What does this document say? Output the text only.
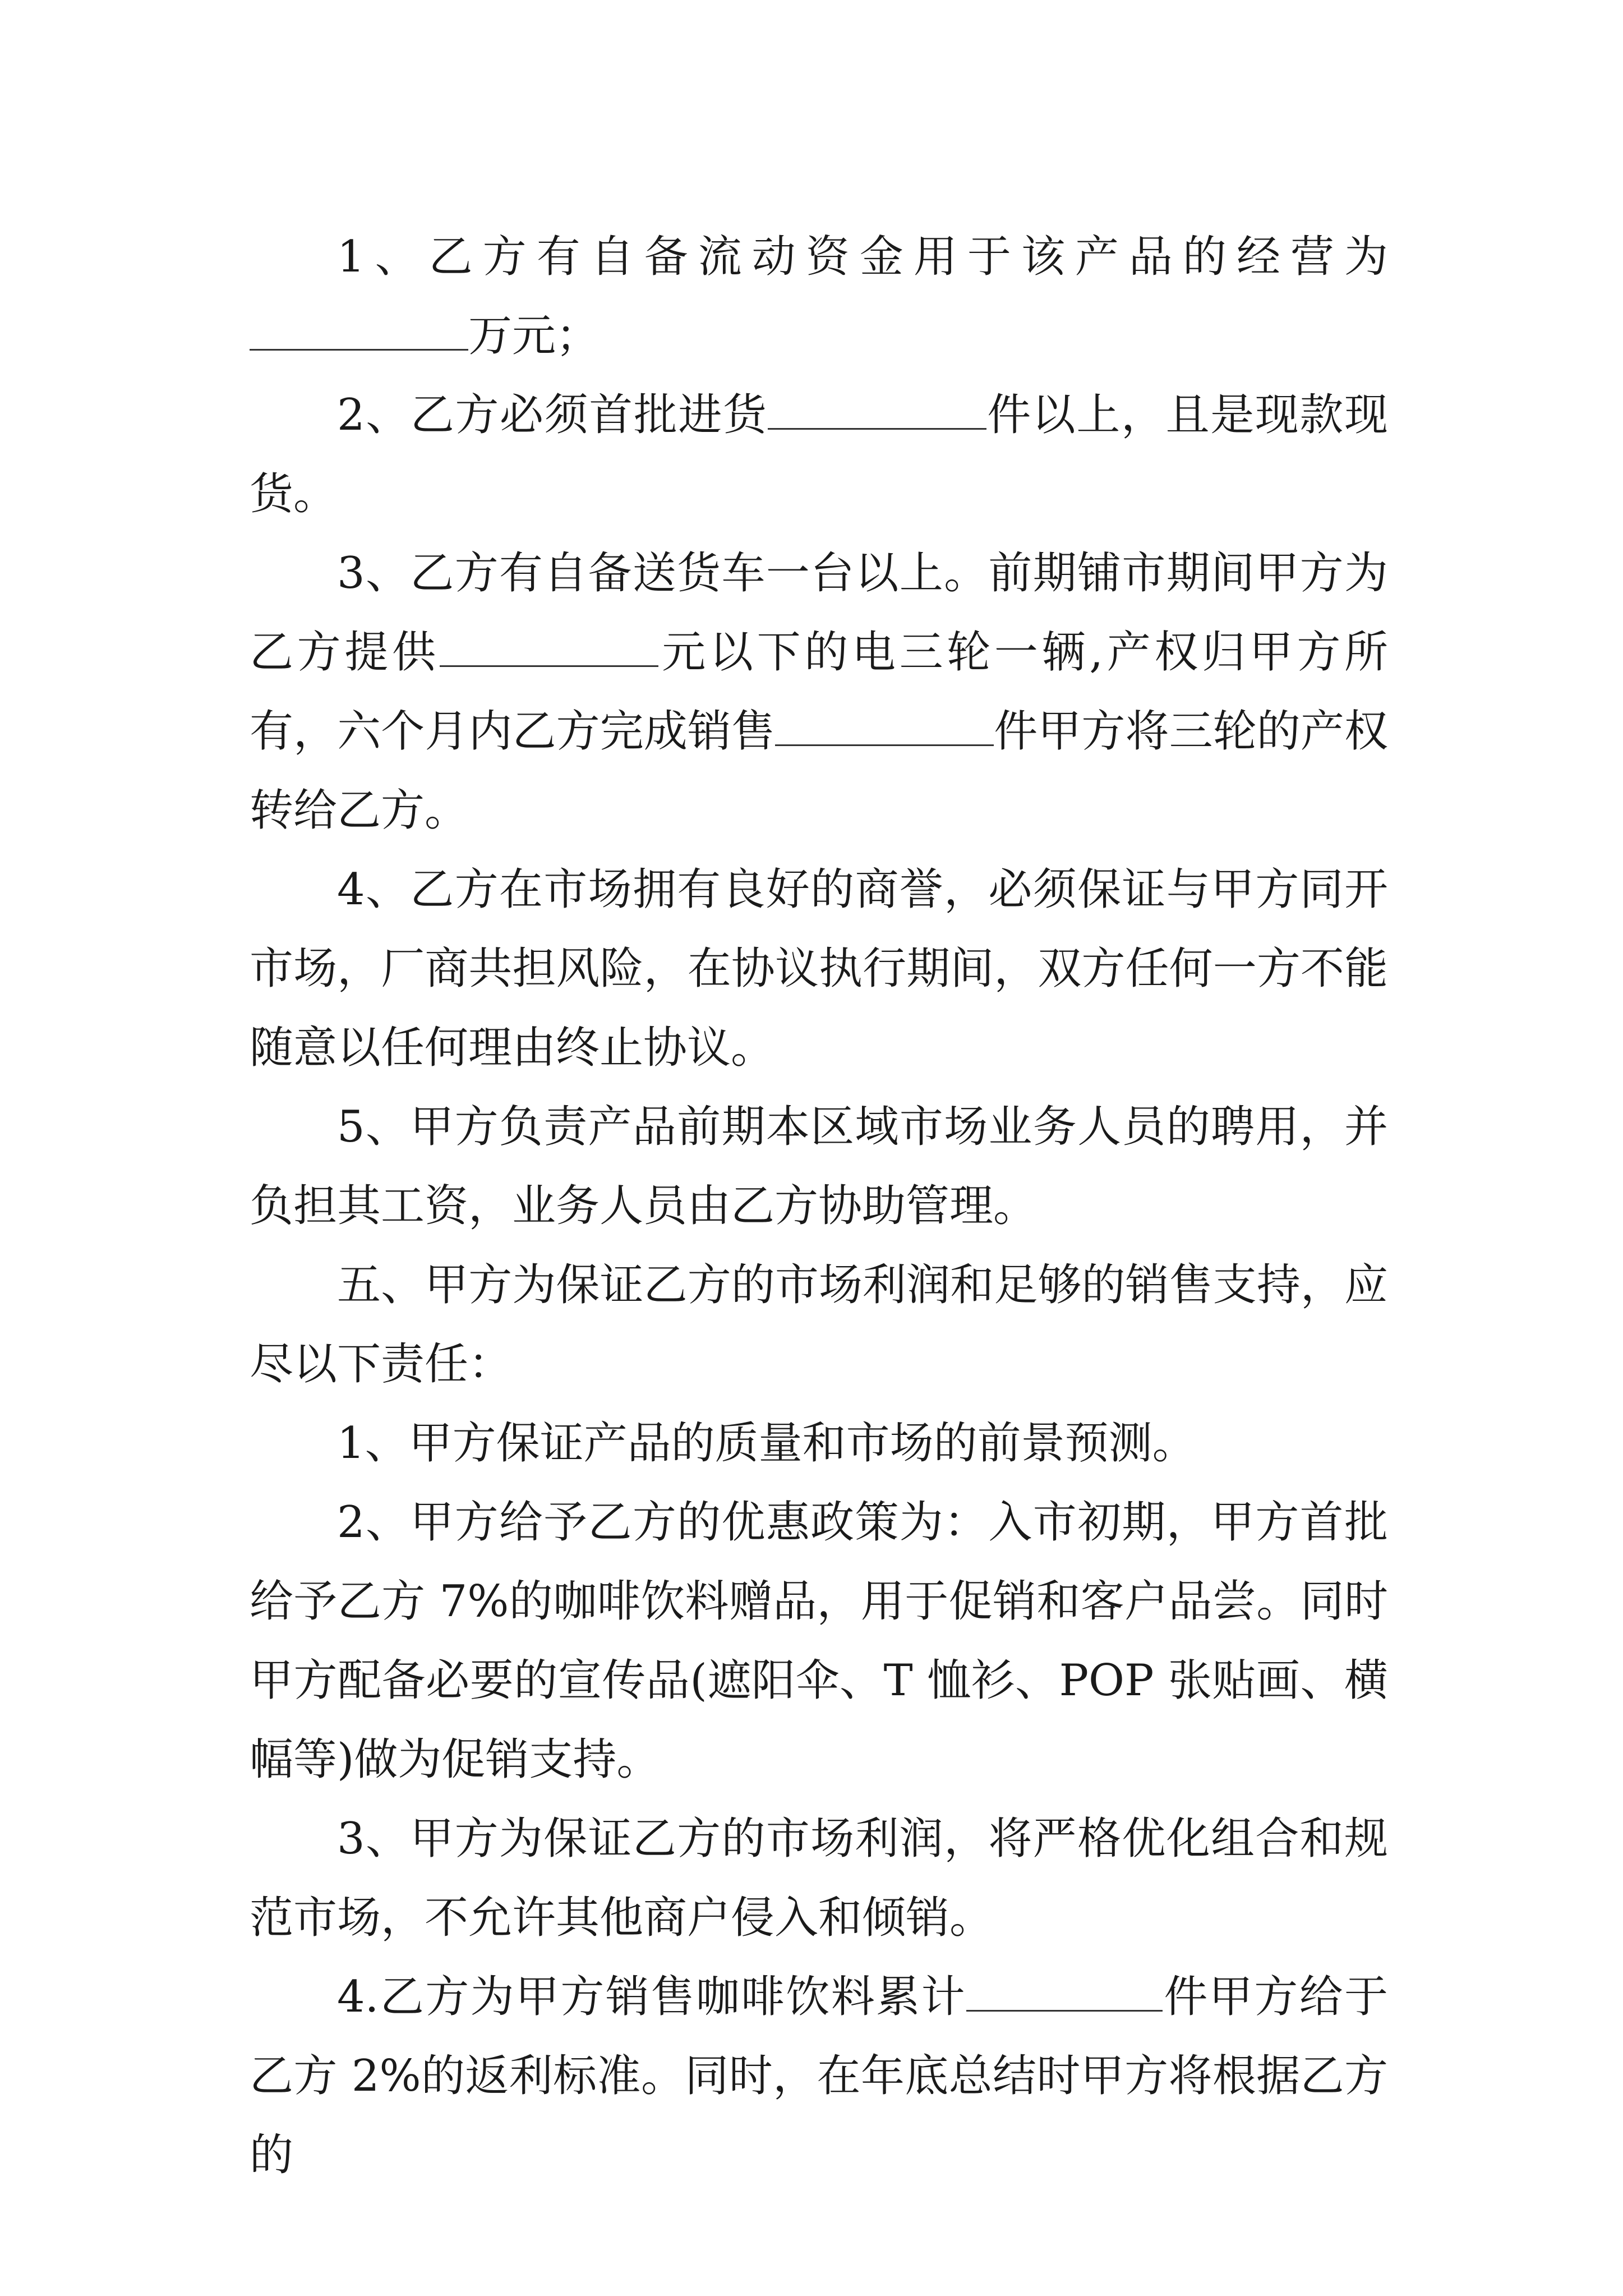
1、乙方有自备流动资金用于该产品的经营为万元；

2、乙方必须首批进货	件以上，且是现款现货。

3、乙方有自备送货车一台以上。前期铺市期间甲方为乙方提供	元以下的电三轮一辆,产权归甲方所有，六个月内乙方完成销售	件甲方将三轮的产权转给乙方。

4、乙方在市场拥有良好的商誉，必须保证与甲方同开市场，厂商共担风险，在协议执行期间，双方任何一方不能随意以任何理由终止协议。

5、甲方负责产品前期本区域市场业务人员的聘用，并负担其工资，业务人员由乙方协助管理。

五、甲方为保证乙方的市场利润和足够的销售支持，应尽以下责任：

1、甲方保证产品的质量和市场的前景预测。

2、甲方给予乙方的优惠政策为：入市初期，甲方首批给予乙方 7%的咖啡饮料赠品，用于促销和客户品尝。同时甲方配备必要的宣传品(遮阳伞、T 恤衫、POP 张贴画、横幅等)做为促销支持。

3、甲方为保证乙方的市场利润，将严格优化组合和规范市场，不允许其他商户侵入和倾销。

4.乙方为甲方销售咖啡饮料累计	件甲方给于乙方 2%的返利标准。同时，在年底总结时甲方将根据乙方的
